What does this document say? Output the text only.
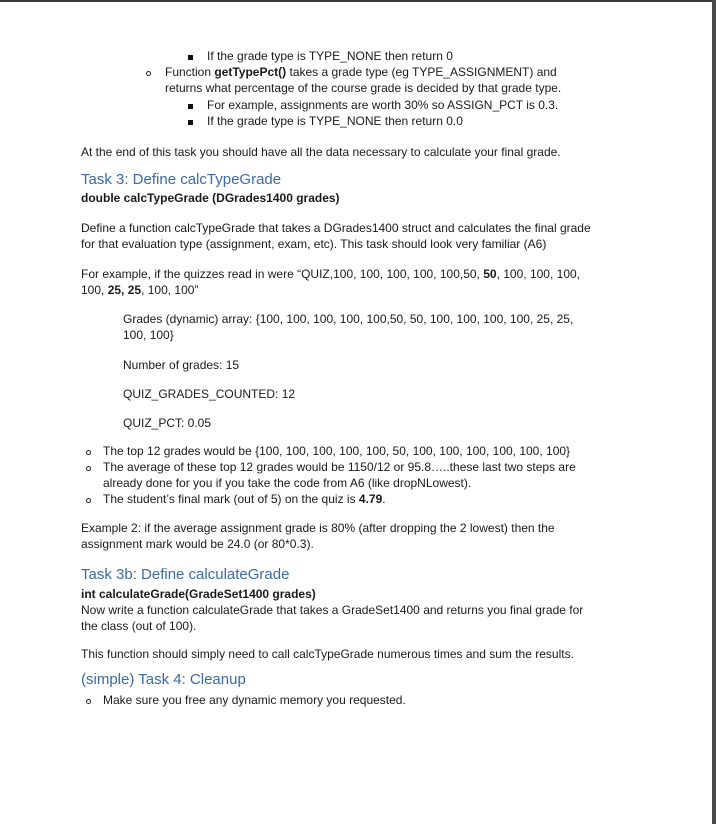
If the grade type is TYPE_NONE then return 0
Function getTypePct() takes a grade type (eg TYPE_ASSIGNMENT) and
returns what percentage of the course grade is decided by that grade type.
For example, assignments are worth 30% so ASSIGN_PCT is 0.3.
If the grade type is TYPE_NONE then return 0.0
At the end of this task you should have all the data necessary to calculate your final grade.
Task 3: Define calcTypeGrade
double calcTypeGrade (DGrades1400 grades)
Define a function calcTypeGrade that takes a DGrades1400 struct and calculates the final grade
for that evaluation type (assignment, exam, etc). This task should look very familiar (A6)
For example, if the quizzes read in were “QUIZ,100, 100, 100, 100, 100,50, 50, 100, 100, 100,
100, 25, 25, 100, 100”
Grades (dynamic) array: {100, 100, 100, 100, 100,50, 50, 100, 100, 100, 100, 25, 25,
100, 100}
Number of grades: 15
QUIZ_GRADES_COUNTED: 12
QUIZ_PCT: 0.05
The top 12 grades would be {100, 100, 100, 100, 100, 50, 100, 100, 100, 100, 100, 100}
The average of these top 12 grades would be 1150/12 or 95.8…..these last two steps are
already done for you if you take the code from A6 (like dropNLowest).
The student’s final mark (out of 5) on the quiz is 4.79.
Example 2: if the average assignment grade is 80% (after dropping the 2 lowest) then the
assignment mark would be 24.0 (or 80*0.3).
Task 3b: Define calculateGrade
int calculateGrade(GradeSet1400 grades)
Now write a function calculateGrade that takes a GradeSet1400 and returns you final grade for
the class (out of 100).
This function should simply need to call calcTypeGrade numerous times and sum the results.
(simple) Task 4: Cleanup
Make sure you free any dynamic memory you requested.
